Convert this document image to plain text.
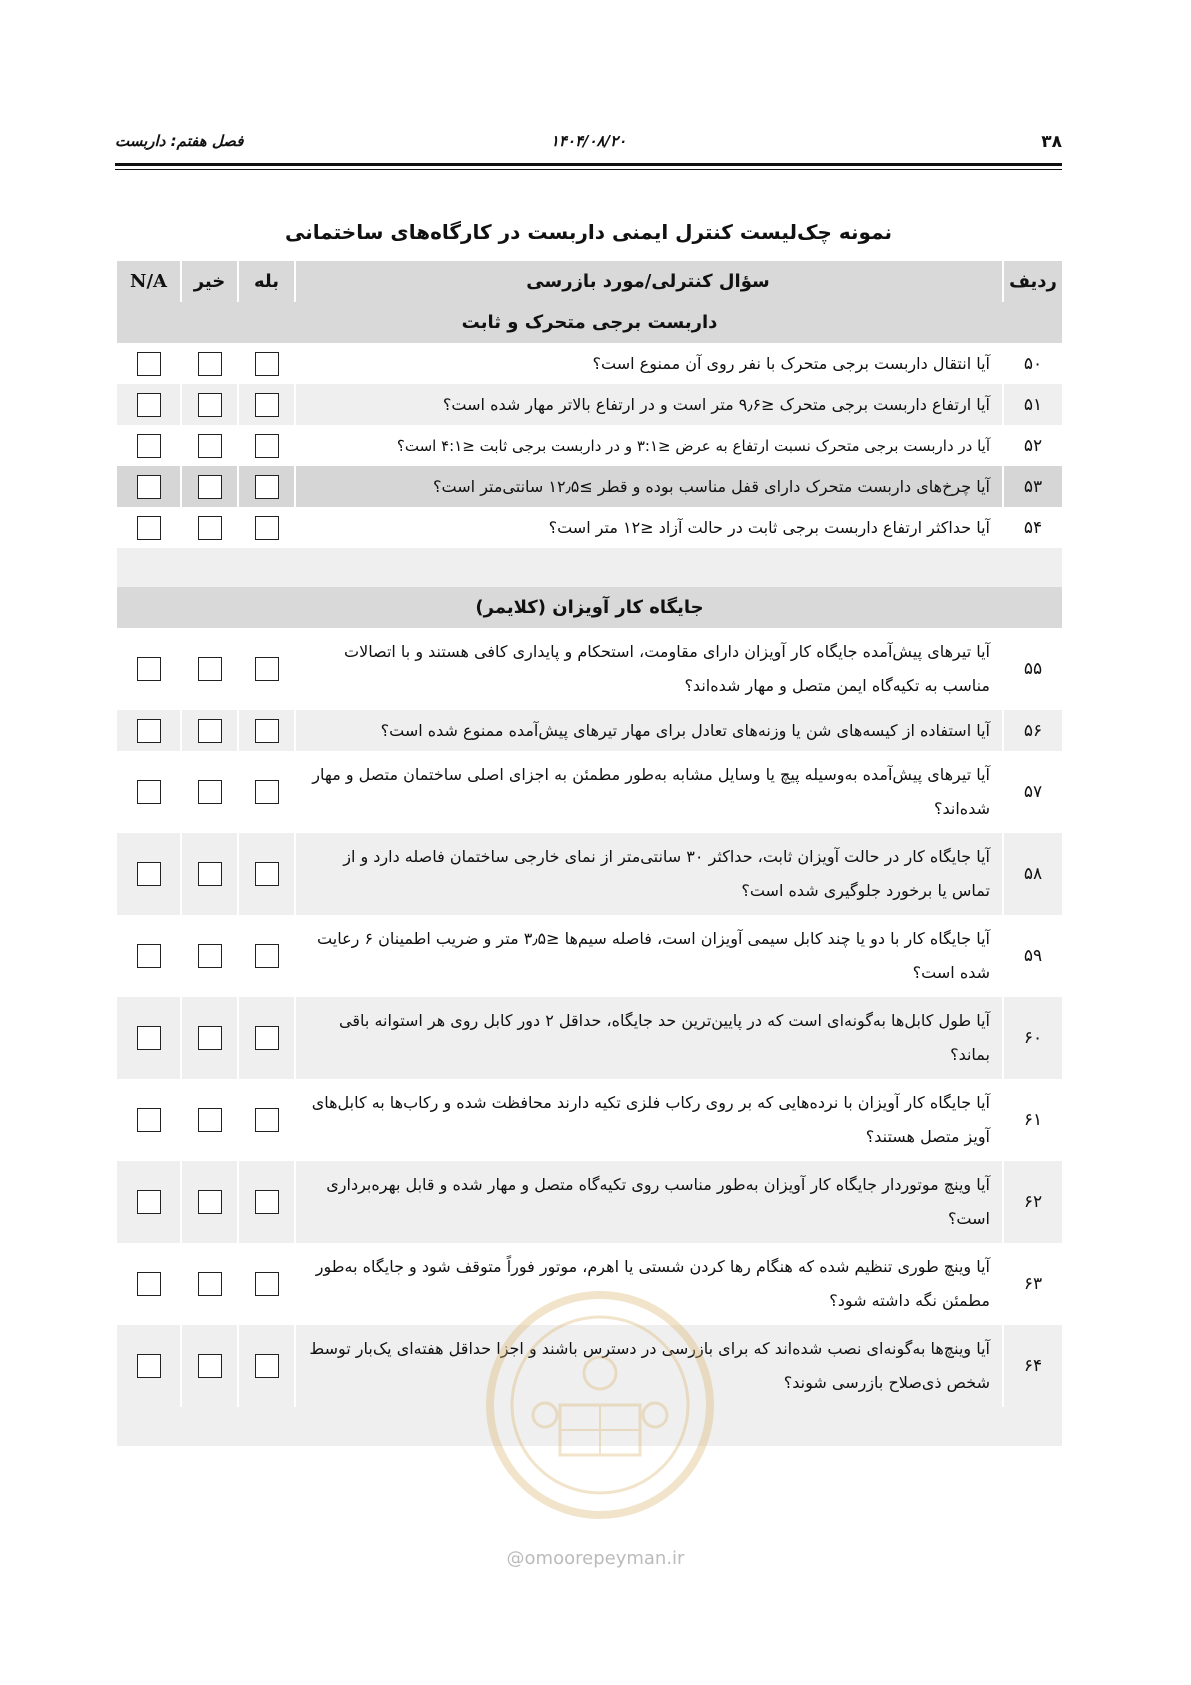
۳۸
۱۴۰۴/۰۸/۲۰
فصل هفتم: داربست
نمونه چک‌لیست کنترل ایمنی داربست در کارگاه‌های ساختمانی
ردیف	سؤال کنترلی/مورد بازرسی	بله	خیر	N/A
داربست برجی متحرک و ثابت				
۵۰	آیا انتقال داربست برجی متحرک با نفر روی آن ممنوع است؟			
۵۱	آیا ارتفاع داربست برجی متحرک ≤۹٫۶ متر است و در ارتفاع بالاتر مهار شده است؟			
۵۲	آیا در داربست برجی متحرک نسبت ارتفاع به عرض ≤۳:۱ و در داربست برجی ثابت ≤۴:۱ است؟			
۵۳	آیا چرخ‌های داربست متحرک دارای قفل مناسب بوده و قطر ≥۱۲٫۵ سانتی‌متر است؟			
۵۴	آیا حداکثر ارتفاع داربست برجی ثابت در حالت آزاد ≤۱۲ متر است؟			

جایگاه کار آویزان (کلایمر)				
۵۵	آیا تیرهای پیش‌آمده جایگاه کار آویزان دارای مقاومت، استحکام و پایداری کافی هستند و با اتصالات مناسب به تکیه‌گاه ایمن متصل و مهار شده‌اند؟			
۵۶	آیا استفاده از کیسه‌های شن یا وزنه‌های تعادل برای مهار تیرهای پیش‌آمده ممنوع شده است؟			
۵۷	آیا تیرهای پیش‌آمده به‌وسیله پیچ یا وسایل مشابه به‌طور مطمئن به اجزای اصلی ساختمان متصل و مهار شده‌اند؟			
۵۸	آیا جایگاه کار در حالت آویزان ثابت، حداکثر ۳۰ سانتی‌متر از نمای خارجی ساختمان فاصله دارد و از تماس یا برخورد جلوگیری شده است؟			
۵۹	آیا جایگاه کار با دو یا چند کابل سیمی آویزان است، فاصله سیم‌ها ≤۳٫۵ متر و ضریب اطمینان ۶ رعایت شده است؟			
۶۰	آیا طول کابل‌ها به‌گونه‌ای است که در پایین‌ترین حد جایگاه، حداقل ۲ دور کابل روی هر استوانه باقی بماند؟			
۶۱	آیا جایگاه کار آویزان با نرده‌هایی که بر روی رکاب فلزی تکیه دارند محافظت شده و رکاب‌ها به کابل‌های آویز متصل هستند؟			
۶۲	آیا وینچ موتوردار جایگاه کار آویزان به‌طور مناسب روی تکیه‌گاه متصل و مهار شده و قابل بهره‌برداری است؟			
۶۳	آیا وینچ طوری تنظیم شده که هنگام رها کردن شستی یا اهرم، موتور فوراً متوقف شود و جایگاه به‌طور مطمئن نگه داشته شود؟			
۶۴	آیا وینچ‌ها به‌گونه‌ای نصب شده‌اند که برای بازرسی در دسترس باشند و اجزا حداقل هفته‌ای یک‌بار توسط شخص ذی‌صلاح بازرسی شوند؟			

@omoorepeyman.ir
